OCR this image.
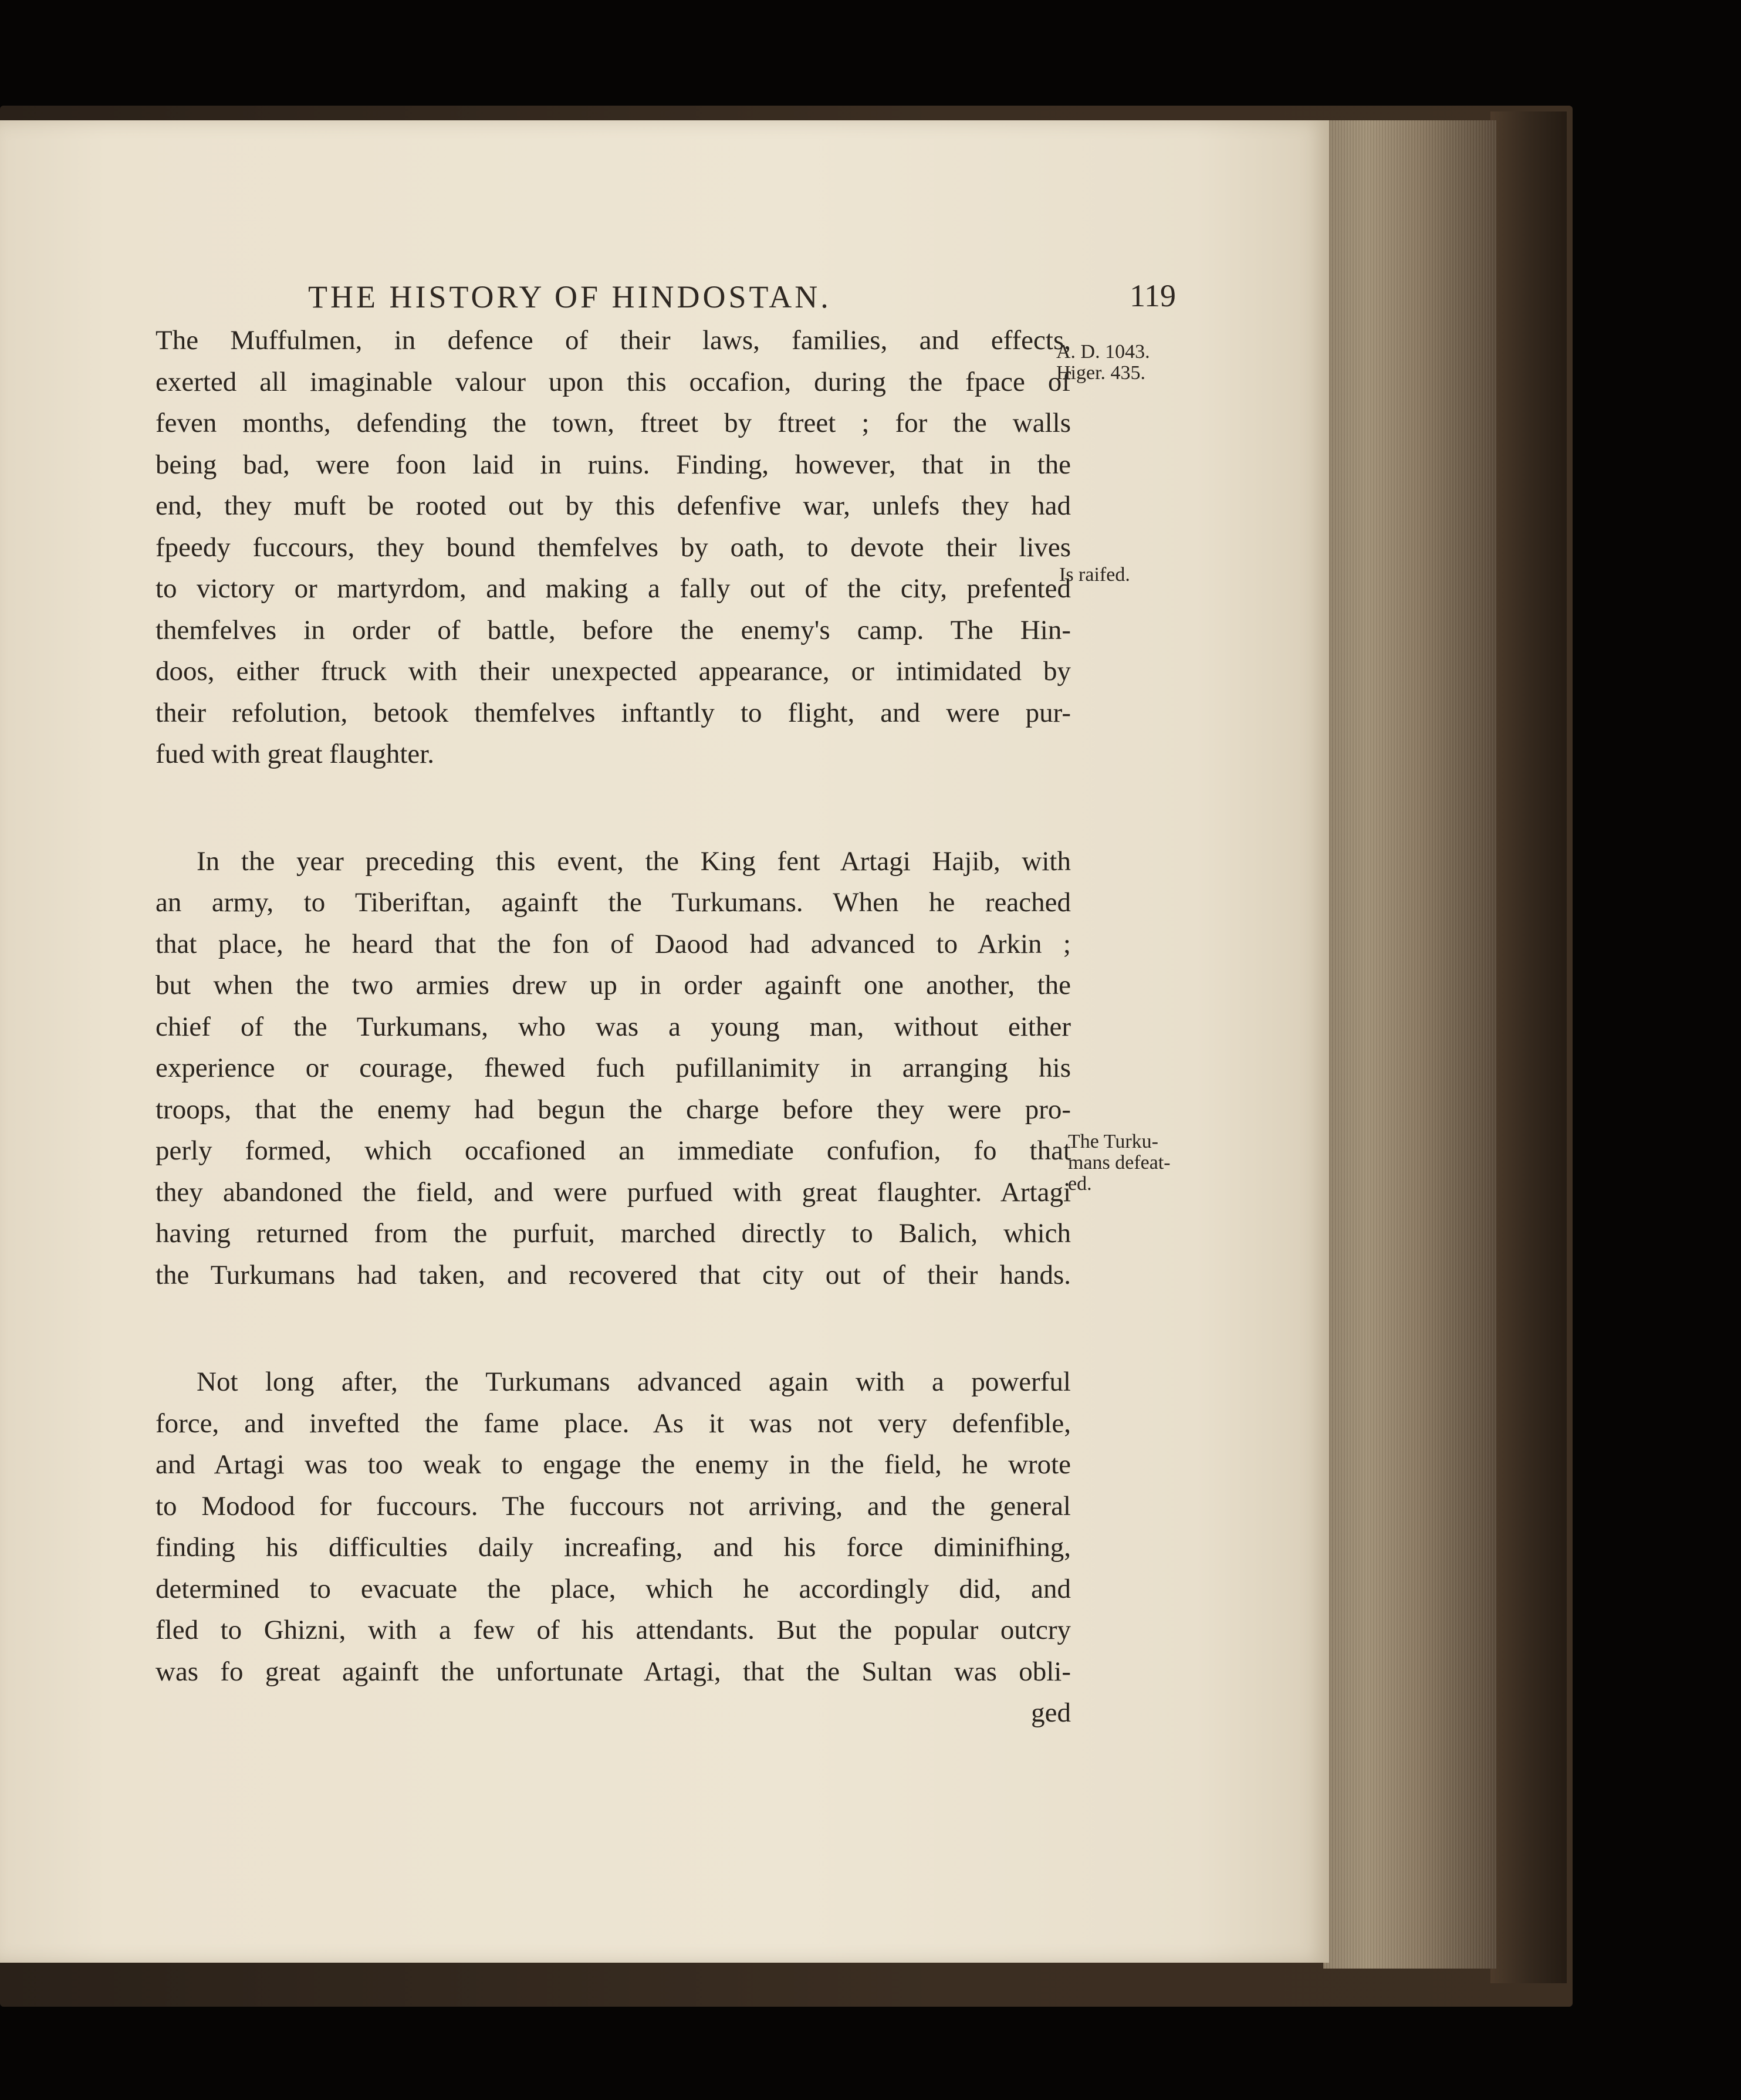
THE HISTORY OF HINDOSTAN.	119

The Muffulmen, in defence of their laws, families, and effects,

exerted all imaginable valour upon this occafion, during the fpace of

feven months, defending the town, ftreet by ftreet ; for the walls

being bad, were foon laid in ruins. Finding, however, that in the

end, they muft be rooted out by this defenfive war, unlefs they had

fpeedy fuccours, they bound themfelves by oath, to devote their lives

to victory or martyrdom, and making a fally out of the city, prefented

themfelves in order of battle, before the enemy's camp. The Hin-

doos, either ftruck with their unexpected appearance, or intimidated by

their refolution, betook themfelves inftantly to flight, and were pur-

fued with great flaughter.

In the year preceding this event, the King fent Artagi Hajib, with

an army, to Tiberiftan, againft the Turkumans. When he reached

that place, he heard that the fon of Daood had advanced to Arkin ;

but when the two armies drew up in order againft one another, the

chief of the Turkumans, who was a young man, without either

experience or courage, fhewed fuch pufillanimity in arranging his

troops, that the enemy had begun the charge before they were pro-

perly formed, which occafioned an immediate confufion, fo that

they abandoned the field, and were purfued with great flaughter. Artagi

having returned from the purfuit, marched directly to Balich, which

the Turkumans had taken, and recovered that city out of their hands.

Not long after, the Turkumans advanced again with a powerful

force, and invefted the fame place. As it was not very defenfible,

and Artagi was too weak to engage the enemy in the field, he wrote

to Modood for fuccours. The fuccours not arriving, and the general

finding his difficulties daily increafing, and his force diminifhing,

determined to evacuate the place, which he accordingly did, and

fled to Ghizni, with a few of his attendants. But the popular outcry

was fo great againft the unfortunate Artagi, that the Sultan was obli-

ged
A. D. 1043.
Higer. 435.
Is raifed.
The Turku-
mans defeat-
ed.
